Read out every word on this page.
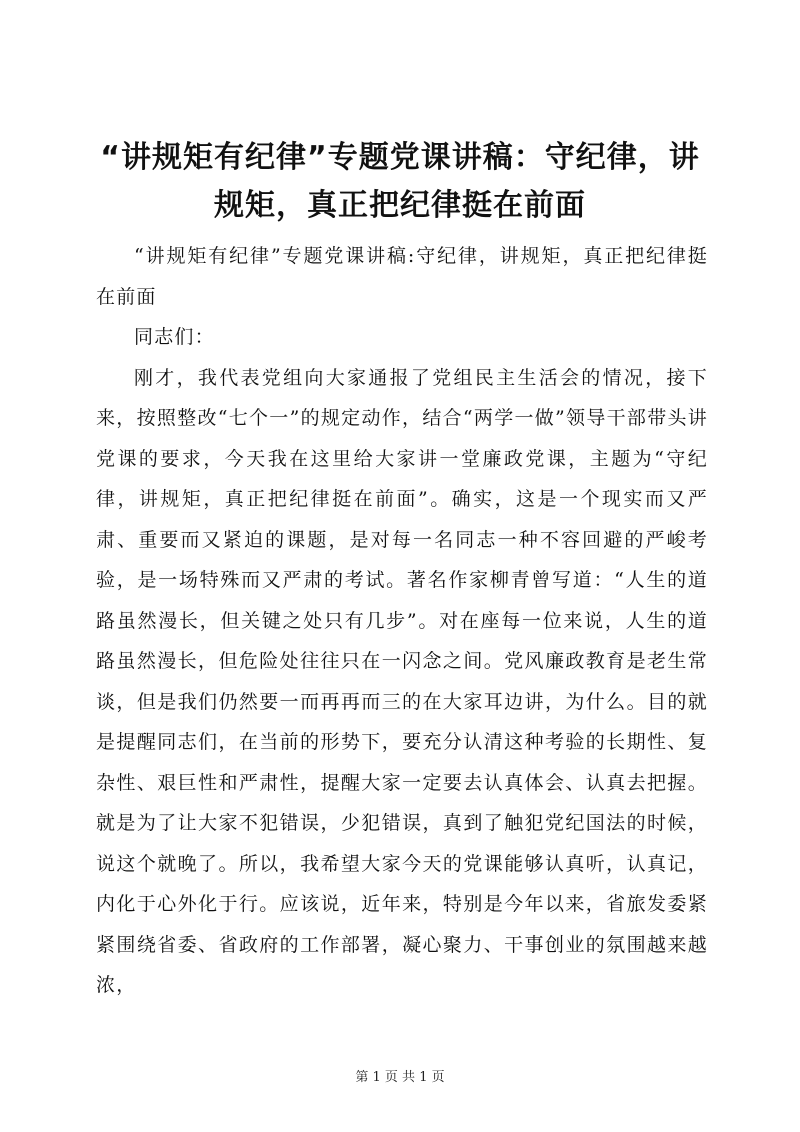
“讲规矩有纪律”专题党课讲稿：守纪律，讲规矩，真正把纪律挺在前面

“讲规矩有纪律”专题党课讲稿:守纪律，讲规矩，真正把纪律挺在前面

同志们：

刚才，我代表党组向大家通报了党组民主生活会的情况，接下来，按照整改“七个一”的规定动作，结合“两学一做”领导干部带头讲党课的要求，今天我在这里给大家讲一堂廉政党课，主题为“守纪律，讲规矩，真正把纪律挺在前面”。确实，这是一个现实而又严肃、重要而又紧迫的课题，是对每一名同志一种不容回避的严峻考验，是一场特殊而又严肃的考试。著名作家柳青曾写道：“人生的道路虽然漫长，但关键之处只有几步”。对在座每一位来说，人生的道路虽然漫长，但危险处往往只在一闪念之间。党风廉政教育是老生常谈，但是我们仍然要一而再再而三的在大家耳边讲，为什么。目的就是提醒同志们，在当前的形势下，要充分认清这种考验的长期性、复杂性、艰巨性和严肃性，提醒大家一定要去认真体会、认真去把握。就是为了让大家不犯错误，少犯错误，真到了触犯党纪国法的时候，说这个就晚了。所以，我希望大家今天的党课能够认真听，认真记，内化于心外化于行。应该说，近年来，特别是今年以来，省旅发委紧紧围绕省委、省政府的工作部署，凝心聚力、干事创业的氛围越来越浓，

第 1 页 共 1 页
